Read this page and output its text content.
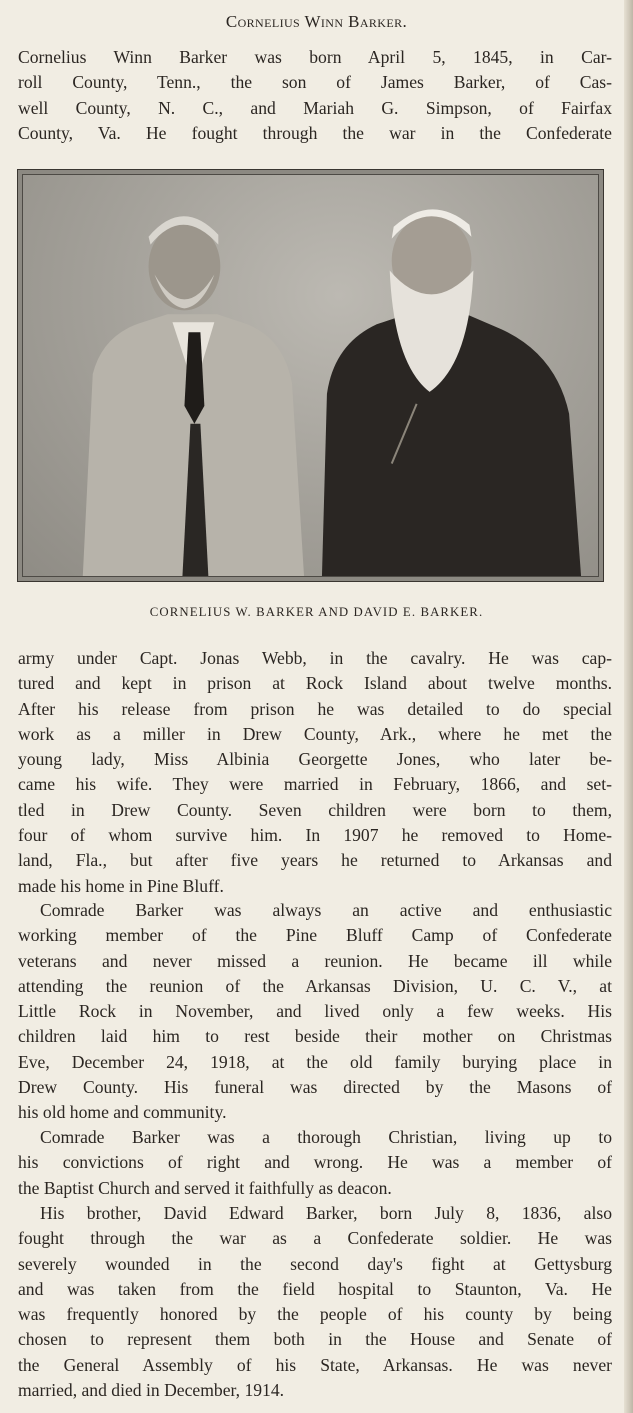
Cornelius Winn Barker.

Cornelius Winn Barker was born April 5, 1845, in Car-
roll County, Tenn., the son of James Barker, of Cas-
well County, N. C., and Mariah G. Simpson, of Fairfax
County, Va. He fought through the war in the Confederate

CORNELIUS W. BARKER AND DAVID E. BARKER.

army under Capt. Jonas Webb, in the cavalry. He was cap-
tured and kept in prison at Rock Island about twelve months.
After his release from prison he was detailed to do special
work as a miller in Drew County, Ark., where he met the
young lady, Miss Albinia Georgette Jones, who later be-
came his wife. They were married in February, 1866, and set-
tled in Drew County. Seven children were born to them,
four of whom survive him. In 1907 he removed to Home-
land, Fla., but after five years he returned to Arkansas and
made his home in Pine Bluff.

Comrade Barker was always an active and enthusiastic
working member of the Pine Bluff Camp of Confederate
veterans and never missed a reunion. He became ill while
attending the reunion of the Arkansas Division, U. C. V., at
Little Rock in November, and lived only a few weeks. His
children laid him to rest beside their mother on Christmas
Eve, December 24, 1918, at the old family burying place in
Drew County. His funeral was directed by the Masons of
his old home and community.

Comrade Barker was a thorough Christian, living up to
his convictions of right and wrong. He was a member of
the Baptist Church and served it faithfully as deacon.

His brother, David Edward Barker, born July 8, 1836, also
fought through the war as a Confederate soldier. He was
severely wounded in the second day's fight at Gettysburg
and was taken from the field hospital to Staunton, Va. He
was frequently honored by the people of his county by being
chosen to represent them both in the House and Senate of
the General Assembly of his State, Arkansas. He was never
married, and died in December, 1914.
